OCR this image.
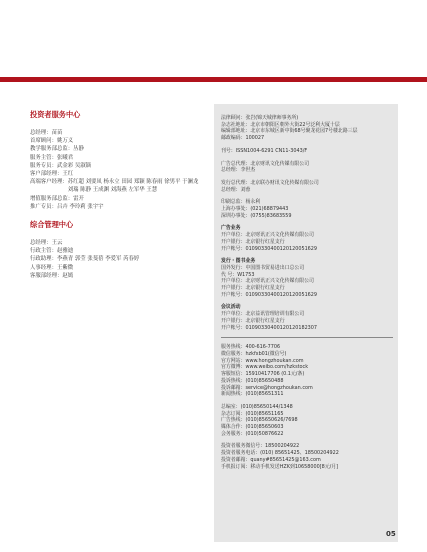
投资者服务中心
总经理： 苗苗
首席顾问： 姚万义
教学服务部总监： 丛静
服务主管： 张曦君
服务专员： 武金彩 吴淑镝
客户部经理： 王红
高端客户经理： 苏红超 刘要凤 杨永立 田园 郑颖 陈春雨 徐男平 于澜龙 刘瑞 陈静 王成渊 刘海燕 左军华 王慧
增值服务部总监： 雷开
推广专员： 吕卉 李玲莉 张宇宇
综合管理中心
总经理： 王云
行政主管： 赵雅迪
行政助理： 李燕青 郭莹 张斐蓓 李爱军 芮春婷
人事经理： 王紫微
客服部经理： 赵嫣
法律顾问：张岩(锦天城律师事务所)
杂志社地址：北京市朝阳区朝外大街22号泛利大厦十层
编辑部地址：北京市东城区新中街68号聚龙花园7号楼北路三层
邮政编码：100027
刊号：ISSN1004-6291 CN11-3043/F
广告总代理：北京财讯文化传媒有限公司
总经理：李世杰
发行总代理：北京联办财讯文化传媒有限公司
总经理：刘蓉
印刷总监：杨永利
上海办事处：(021)68879443
深圳办事处：(0755)83683559
广告业务
开户单位：北京财讯正兴文化传媒有限公司
开户银行：北京银行红星支行
开户帐号：01090330400120120051629
发行・图书业务
国外发行：中国图书贸易进出口总公司
代 号：W1753
开户单位：北京财讯正兴文化传媒有限公司
开户银行：北京银行红星支行
开户帐号：01090330400120120051629
会议活动
开户单位：北京益讯管理培训有限公司
开户银行：北京银行红星支行
开户帐号：01090330400120120182307
服务热线：400-616-7706
微信服务：hzkfxb01(微信号)
官方网站：www.hongzhoukan.com
官方微博：www.weibo.com/hzkstock
客服短信：15910417706 (0.1元/条)
投诉热线：(010)85650488
投诉邮箱：service@hongzhoukan.com
新闻热线：(010)85651311
总编室：(010)85650144/1348
杂志订阅：(010)85651165
广告热线：(010)85650626/7698
媒体合作：(010)85650603
会务服务：(010)50876622
投资者服务微信号：18500204922
投资者服务电话：(010) 85651425、18500204922
投资者邮箱：quany#85651425@163.com
手机报订阅：移动手机发送HZK到10658000[8元/月]
05
